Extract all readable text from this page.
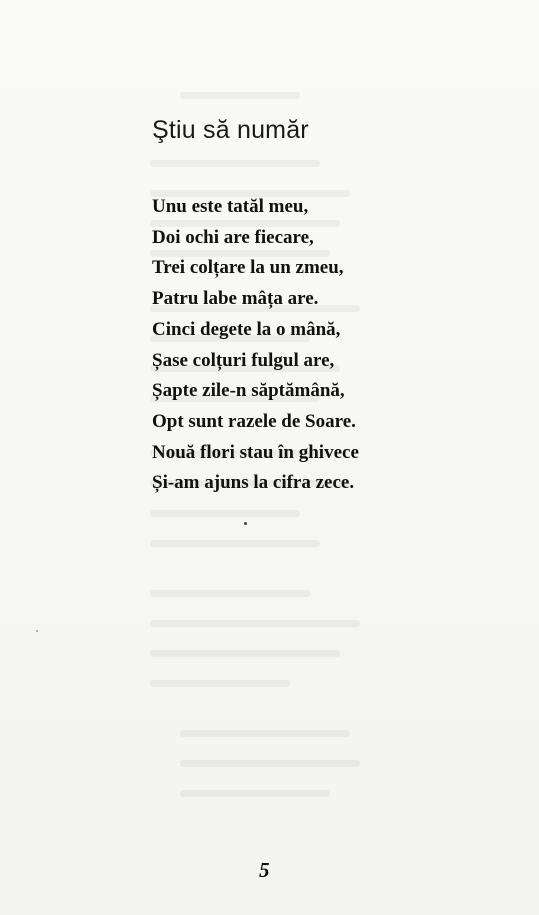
Ştiu să număr
Unu este tatăl meu,
Doi ochi are fiecare,
Trei colțare la un zmeu,
Patru labe mâța are.
Cinci degete la o mână,
Șase colțuri fulgul are,
Șapte zile-n săptămână,
Opt sunt razele de Soare.
Nouă flori stau în ghivece
Și-am ajuns la cifra zece.
5
